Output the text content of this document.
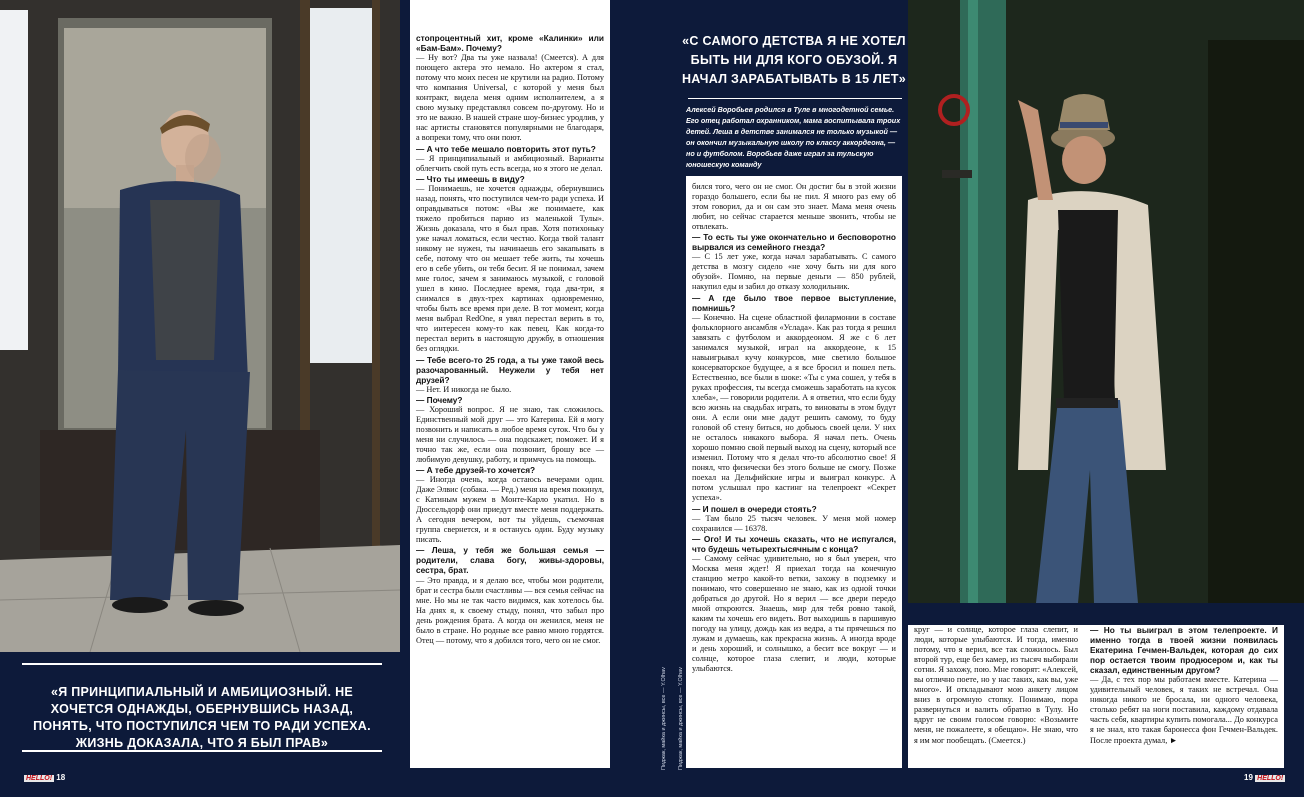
«Я ПРИНЦИПИАЛЬНЫЙ И АМБИЦИОЗНЫЙ. НЕ ХОЧЕТСЯ ОДНАЖДЫ, ОБЕРНУВШИСЬ НАЗАД, ПОНЯТЬ, ЧТО ПОСТУПИЛСЯ ЧЕМ ТО РАДИ УСПЕХА. ЖИЗНЬ ДОКАЗАЛА, ЧТО Я БЫЛ ПРАВ»
HELLO! 18

стопроцентный хит, кроме «Калинки» или «Бам-Бам». Почему?

— Ну вот? Два ты уже назвала! (Смеется). А для поющего актера это немало. Но актером я стал, потому что моих песен не крутили на радио. Потому что компания Universal, с которой у меня был контракт, видела меня одним исполнителем, а я свою музыку представлял совсем по-другому. Но и это не важно. В нашей стране шоу-бизнес уродлив, у нас артисты становятся популярными не благодаря, а вопреки тому, что они поют.

— А что тебе мешало повторить этот путь?

— Я принципиальный и амбициозный. Варианты облегчить свой путь есть всегда, но я этого не делал.

— Что ты имеешь в виду?

— Понимаешь, не хочется однажды, обернувшись назад, понять, что поступился чем-то ради успеха. И оправдываться потом: «Вы же понимаете, как тяжело пробиться парню из маленькой Тулы». Жизнь доказала, что я был прав. Хотя потихоньку уже начал ломаться, если честно. Когда твой талант никому не нужен, ты начинаешь его закапывать в себе, потому что он мешает тебе жить, ты хочешь его в себе убить, он тебя бесит. Я не понимал, зачем мне голос, зачем я занимаюсь музыкой, с головой ушел в кино. Последнее время, года два-три, я снимался в двух-трех картинах одновременно, чтобы быть все время при деле. В тот момент, когда меня выбрал RedOne, я увял перестал верить в то, что интересен кому-то как певец. Как когда-то перестал верить в настоящую дружбу, в отношения без оглядки.

— Тебе всего-то 25 года, а ты уже такой весь разочарованный. Неужели у тебя нет друзей?

— Нет. И никогда не было.

— Почему?

— Хороший вопрос. Я не знаю, так сложилось. Единственный мой друг — это Катерина. Ей я могу позвонить и написать в любое время суток. Что бы у меня ни случилось — она подскажет, поможет. И я точно так же, если она позвонит, брошу все — любимую девушку, работу, и примчусь на помощь.

— А тебе друзей-то хочется?

— Иногда очень, когда остаюсь вечерами один. Даже Элвис (собака. — Ред.) меня на время покинул, с Катиным мужем в Монте-Карло укатил. Но в Дюссельдорф они приедут вместе меня поддержать. А сегодня вечером, вот ты уйдешь, съемочная группа свернется, и я останусь один. Буду музыку писать.

— Леша, у тебя же большая семья — родители, слава богу, живы-здоровы, сестра, брат.

— Это правда, и я делаю все, чтобы мои родители, брат и сестра были счастливы — вся семья сейчас на мне. Но мы не так часто видимся, как хотелось бы. На днях я, к своему стыду, понял, что забыл про день рождения брата. А когда он женился, меня не было в стране. Но родные все равно мною гордятся. Отец — потому, что я добился того, чего он не смог.

Пиджак, майка и джинсы, все — Y.Olhav Пиджак, майка и джинсы, все — Y.Olhav
«С САМОГО ДЕТСТВА Я НЕ ХОТЕЛ БЫТЬ НИ ДЛЯ КОГО ОБУЗОЙ. Я НАЧАЛ ЗАРАБАТЫВАТЬ В 15 ЛЕТ»
Алексей Воробьев родился в Туле в многодетной семье. Его отец работал охранником, мама воспитывала троих детей. Леша в детстве занимался не только музыкой — он окончил музыкальную школу по классу аккордеона, — но и футболом. Воробьев даже играл за тульскую юношескую команду

бился того, чего он не смог. Он достиг бы в этой жизни гораздо большего, если бы не пил. Я много раз ему об этом говорил, да и он сам это знает. Мама меня очень любит, но сейчас старается меньше звонить, чтобы не отвлекать.

— То есть ты уже окончательно и бесповоротно вырвался из семейного гнезда?

— С 15 лет уже, когда начал зарабатывать. С самого детства в мозгу сидело «не хочу быть ни для кого обузой». Помню, на первые деньги — 850 рублей, накупил еды и забил до отказу холодильник.

— А где было твое первое выступление, помнишь?

— Конечно. На сцене областной филармонии в составе фольклорного ансамбля «Услада». Как раз тогда я решил завязать с футболом и аккордеоном. Я же с 6 лет занимался музыкой, играл на аккордеоне, к 15 навыигрывал кучу конкурсов, мне светило большое консерваторское будущее, а я все бросил и пошел петь. Естественно, все были в шоке: «Ты с ума сошел, у тебя в руках профессия, ты всегда сможешь заработать на кусок хлеба», — говорили родители. А я ответил, что если буду всю жизнь на свадьбах играть, то виноваты в этом будут они. А если они мне дадут решить самому, то буду головой об стену биться, но добьюсь своей цели. У них не осталось никакого выбора. Я начал петь. Очень хорошо помню свой первый выход на сцену, который все изменил. Потому что я делал что-то абсолютно свое! Я понял, что физически без этого больше не смогу. Позже поехал на Дельфийские игры и выиграл конкурс. А потом услышал про кастинг на телепроект «Секрет успеха».

— И пошел в очереди стоять?

— Там было 25 тысяч человек. У меня мой номер сохранился — 16378.

— Ого! И ты хочешь сказать, что не испугался, что будешь четырехтысячным с конца?

— Самому сейчас удивительно, но я был уверен, что Москва меня ждет! Я приехал тогда на конечную станцию метро какой-то ветки, захожу в подземку и понимаю, что совершенно не знаю, как из одной точки добраться до другой. Но я верил — все двери передо мной откроются. Знаешь, мир для тебя ровно такой, каким ты хочешь его видеть. Вот выходишь в паршивую погоду на улицу, дождь как из ведра, а ты прячешься по лужам и думаешь, как прекрасна жизнь. А иногда вроде и день хороший, и солнышко, а бесит все вокруг — и солнце, которое глаза слепит, и люди, которые улыбаются.

круг — и солнце, которое глаза слепит, и люди, которые улыбаются. И тогда, именно потому, что я верил, все так сложилось. Был второй тур, еще без камер, из тысяч выбирали сотни. Я захожу, пою. Мне говорят: «Алексей, вы отлично поете, но у нас таких, как вы, уже много». И откладывают мою анкету лицом вниз в огромную стопку. Понимаю, пора развернуться и валить обратно в Тулу. Но вдруг не своим голосом говорю: «Возьмите меня, не пожалеете, я обещаю». Не знаю, что я им мог пообещать. (Смеется.)

— Но ты выиграл в этом телепроекте. И именно тогда в твоей жизни появилась Екатерина Гечмен-Вальдек, которая до сих пор остается твоим продюсером и, как ты сказал, единственным другом?

— Да, с тех пор мы работаем вместе. Катерина — удивительный человек, я таких не встречал. Она никогда никого не бросала, ни одного человека, столько ребят на ноги поставила, каждому отдавала часть себя, квартиры купить помогала... До конкурса я не знал, кто такая баронесса фон Гечмен-Вальдек. После проекта думал, ►

19 HELLO!
